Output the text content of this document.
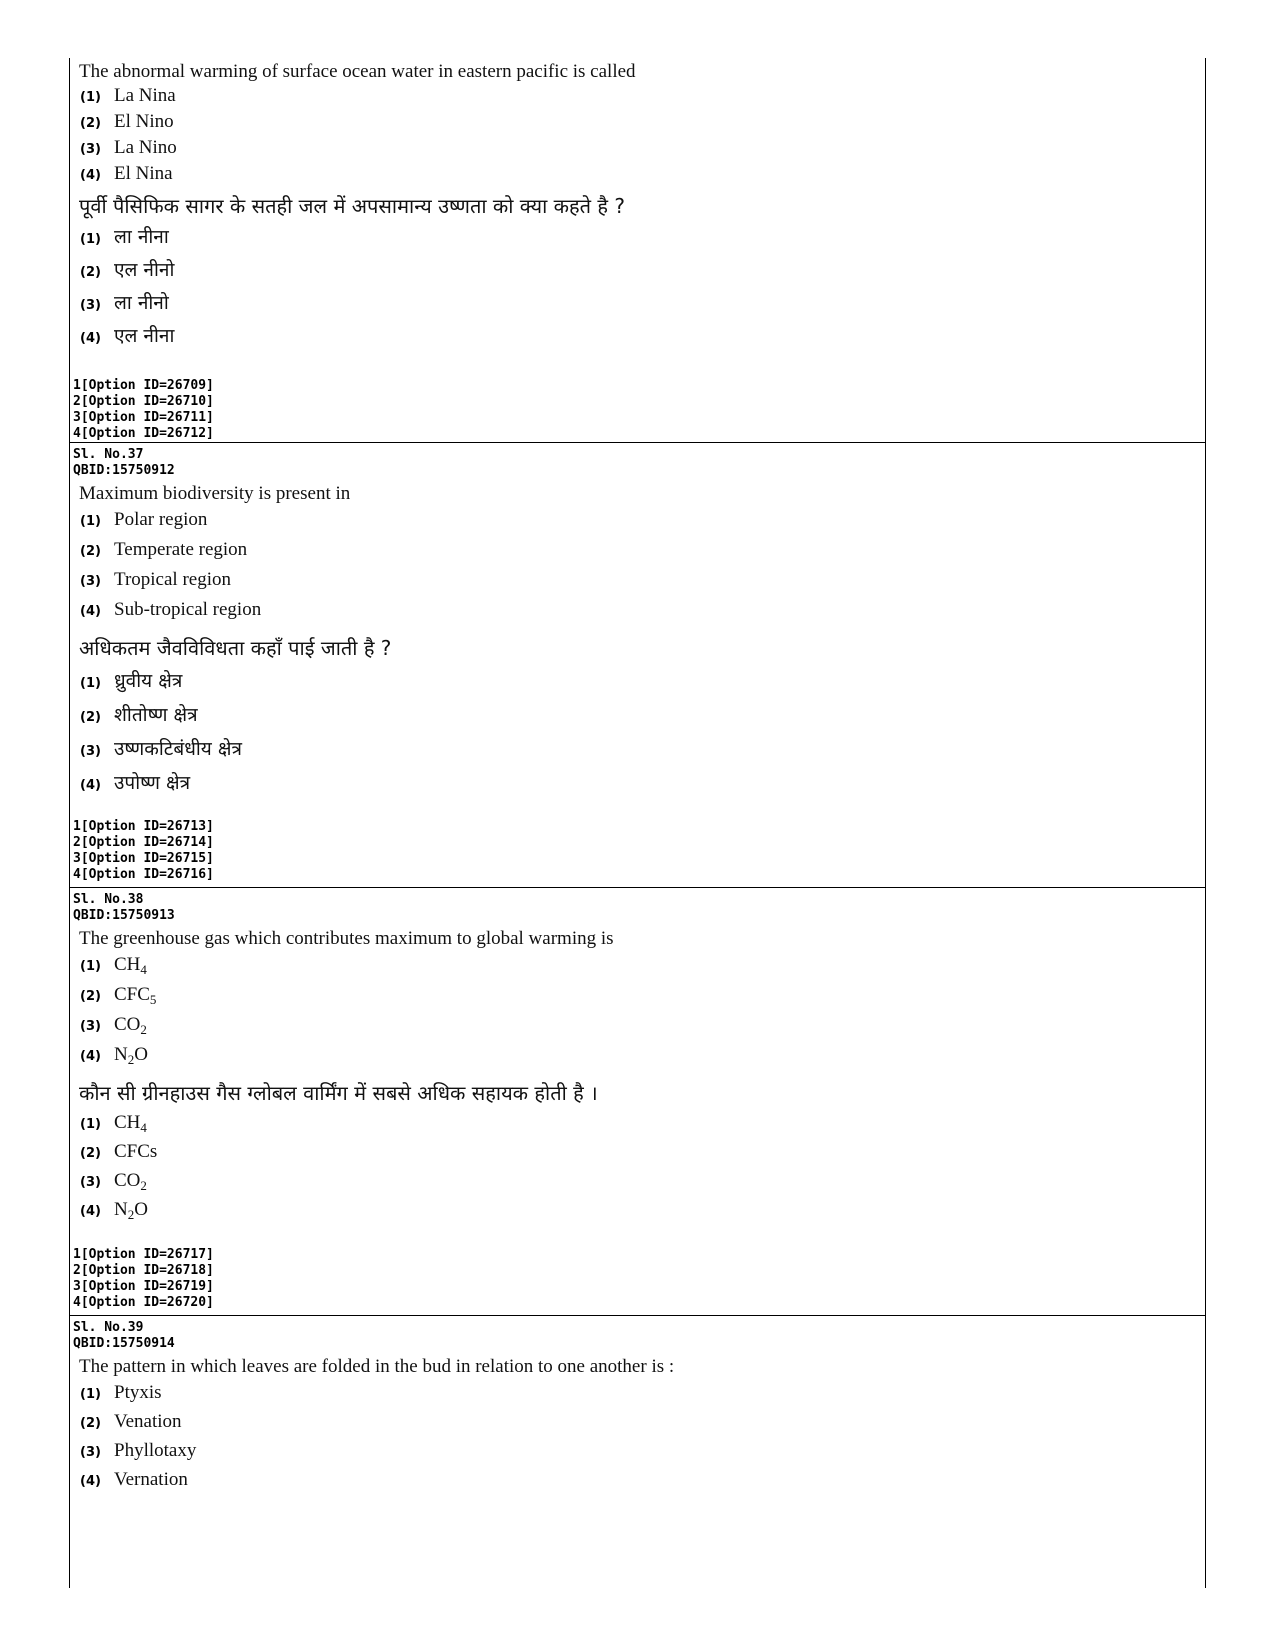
The abnormal warming of surface ocean water in eastern pacific is called
(1) La Nina
(2) El Nino
(3) La Nino
(4) El Nina
पूर्वी पैसिफिक सागर के सतही जल में अपसामान्य उष्णता को क्या कहते है ?
(1) ला नीना
(2) एल नीनो
(3) ला नीनो
(4) एल नीना
1[Option ID=26709]
2[Option ID=26710]
3[Option ID=26711]
4[Option ID=26712]
Sl. No.37
QBID:15750912
Maximum biodiversity is present in
(1) Polar region
(2) Temperate region
(3) Tropical region
(4) Sub-tropical region
अधिकतम जैवविविधता कहाँ पाई जाती है ?
(1) ध्रुवीय क्षेत्र
(2) शीतोष्ण क्षेत्र
(3) उष्णकटिबंधीय क्षेत्र
(4) उपोष्ण क्षेत्र
1[Option ID=26713]
2[Option ID=26714]
3[Option ID=26715]
4[Option ID=26716]
Sl. No.38
QBID:15750913
The greenhouse gas which contributes maximum to global warming is
(1) $CH_4$
(2) $CFC_5$
(3) $CO_2$
(4) $N_2O$
कौन सी ग्रीनहाउस गैस ग्लोबल वार्मिंग में सबसे अधिक सहायक होती है ।
(1) $CH_4$
(2) CFCs
(3) $CO_2$
(4) $N_2O$
1[Option ID=26717]
2[Option ID=26718]
3[Option ID=26719]
4[Option ID=26720]
Sl. No.39
QBID:15750914
The pattern in which leaves are folded in the bud in relation to one another is :
(1) Ptyxis
(2) Venation
(3) Phyllotaxy
(4) Vernation
